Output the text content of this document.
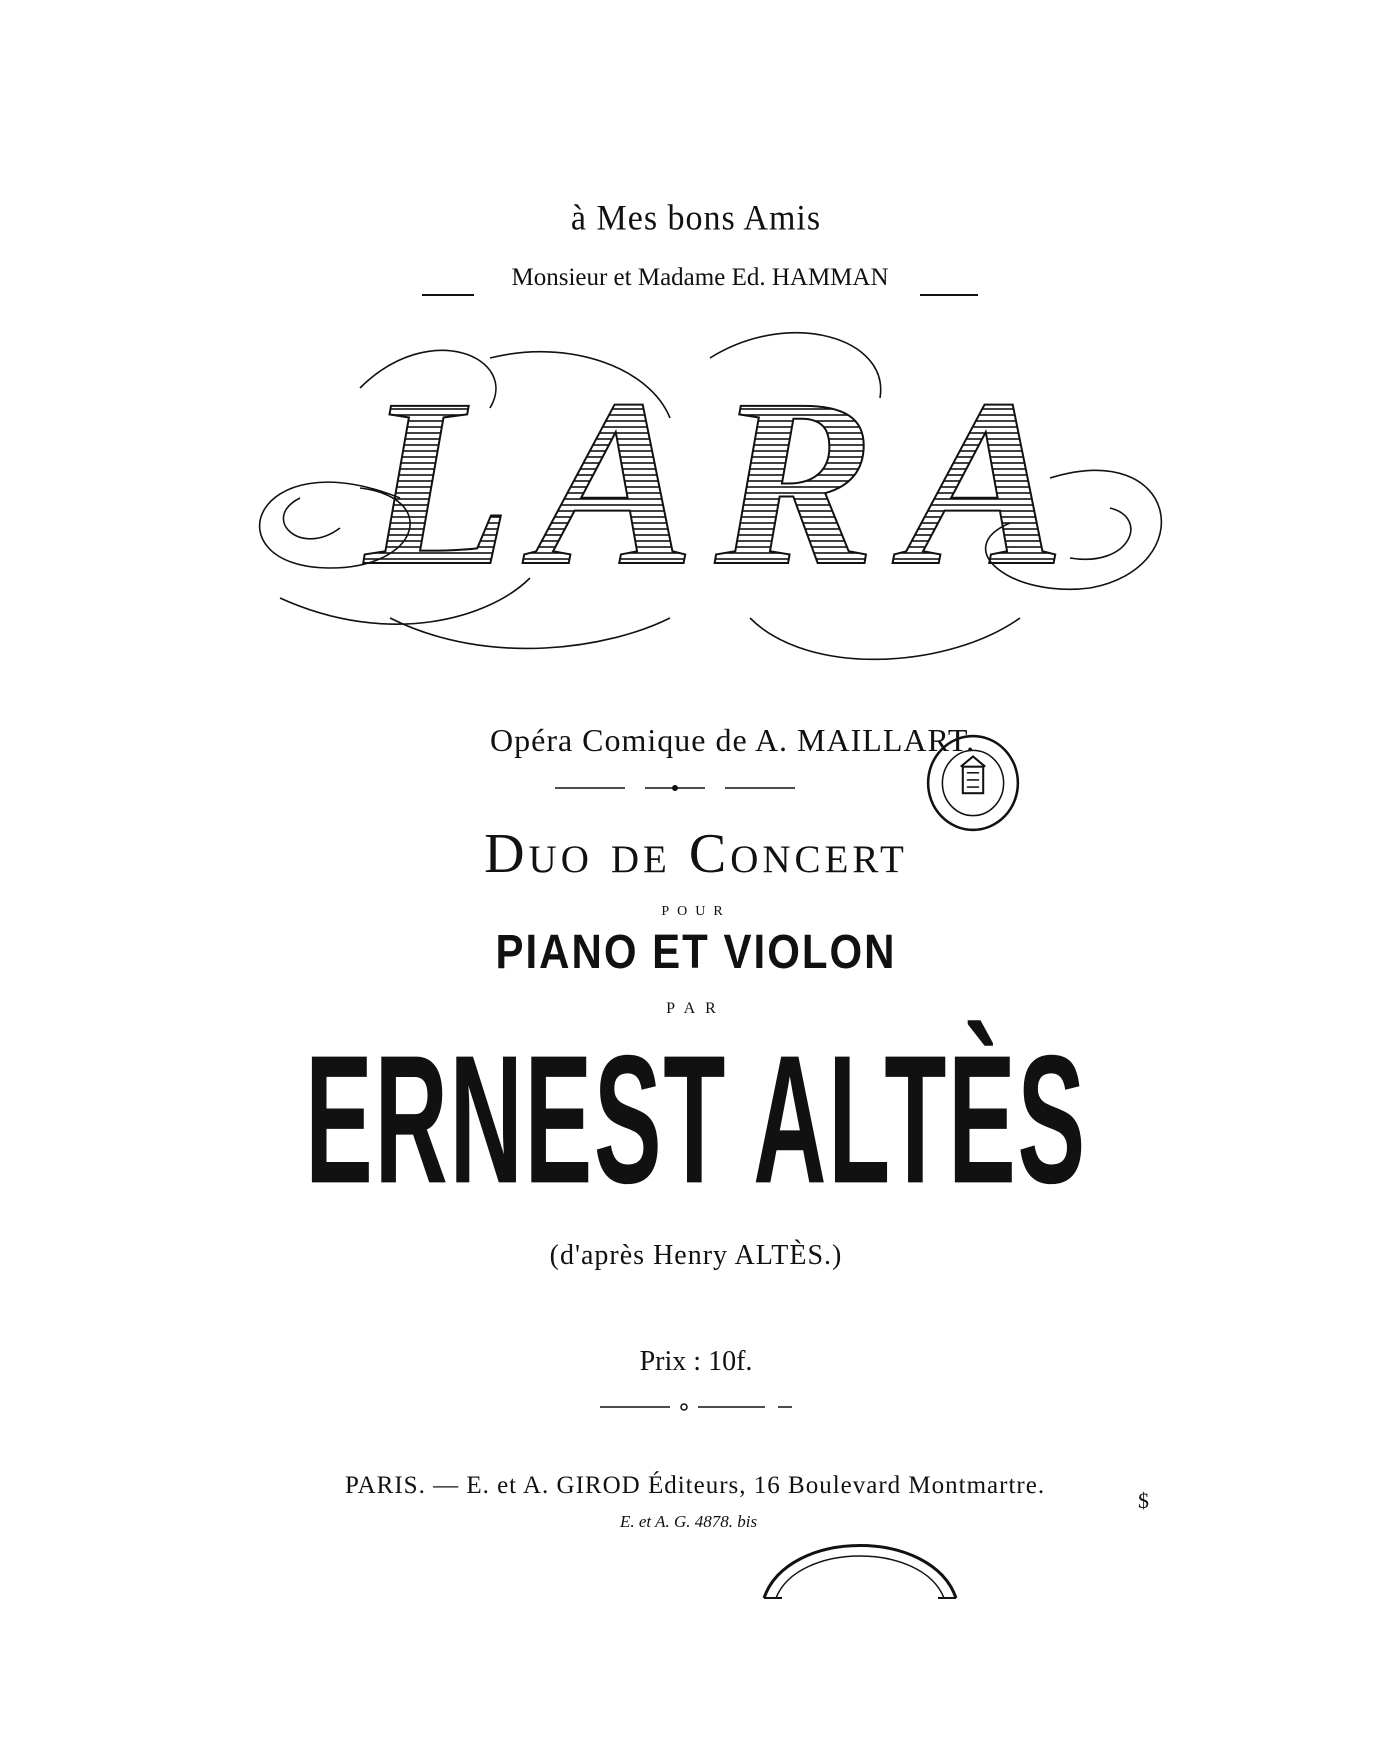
à Mes bons Amis
Monsieur et Madame Ed. HAMMAN
L A R A
Opéra Comique de A. MAILLART.
Duo de Concert
POUR
PIANO ET VIOLON
PAR
ERNEST ALTÈS
(d'après Henry ALTÈS.)
Prix : 10f.
PARIS. — E. et A. GIROD Éditeurs, 16 Boulevard Montmartre.
E. et A. G. 4878. bis
$
